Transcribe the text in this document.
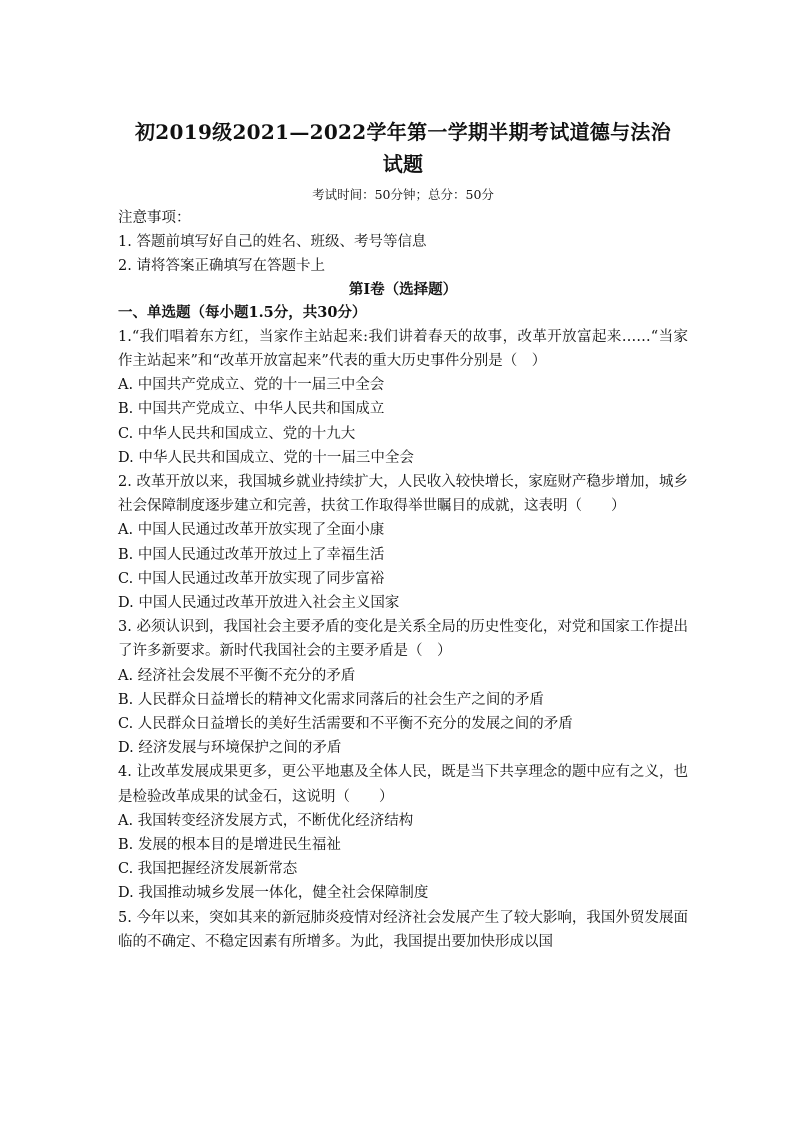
初2019级2021—2022学年第一学期半期考试道德与法治
试题
考试时间：50分钟；总分：50分
注意事项：
1. 答题前填写好自己的姓名、班级、考号等信息
2. 请将答案正确填写在答题卡上
第Ⅰ卷（选择题）
一、单选题（每小题1.5分，共30分）
1.“我们唱着东方红，当家作主站起来:我们讲着春天的故事，改革开放富起来……“当家作主站起来”和“改革开放富起来”代表的重大历史事件分别是（　）
A. 中国共产党成立、党的十一届三中全会
B. 中国共产党成立、中华人民共和国成立
C. 中华人民共和国成立、党的十九大
D. 中华人民共和国成立、党的十一届三中全会
2. 改革开放以来，我国城乡就业持续扩大，人民收入较快增长，家庭财产稳步增加，城乡社会保障制度逐步建立和完善，扶贫工作取得举世瞩目的成就，这表明（　　）
A. 中国人民通过改革开放实现了全面小康
B. 中国人民通过改革开放过上了幸福生活
C. 中国人民通过改革开放实现了同步富裕
D. 中国人民通过改革开放进入社会主义国家
3. 必须认识到，我国社会主要矛盾的变化是关系全局的历史性变化，对党和国家工作提出了许多新要求。新时代我国社会的主要矛盾是（　）
A. 经济社会发展不平衡不充分的矛盾
B. 人民群众日益增长的精神文化需求同落后的社会生产之间的矛盾
C. 人民群众日益增长的美好生活需要和不平衡不充分的发展之间的矛盾
D. 经济发展与环境保护之间的矛盾
4. 让改革发展成果更多，更公平地惠及全体人民，既是当下共享理念的题中应有之义，也是检验改革成果的试金石，这说明（　　）
A. 我国转变经济发展方式，不断优化经济结构
B. 发展的根本目的是增进民生福祉
C. 我国把握经济发展新常态
D. 我国推动城乡发展一体化，健全社会保障制度
5. 今年以来，突如其来的新冠肺炎疫情对经济社会发展产生了较大影响，我国外贸发展面临的不确定、不稳定因素有所增多。为此，我国提出要加快形成以国
